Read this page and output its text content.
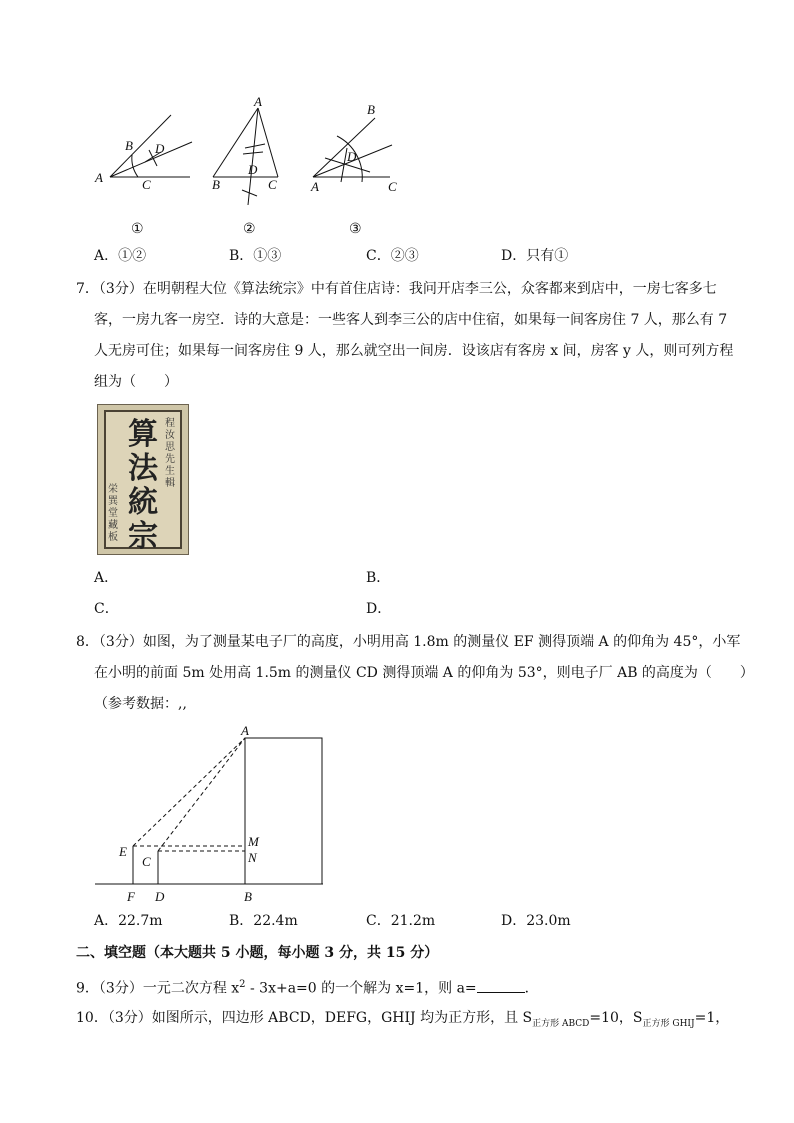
A
B D
C
A
B
D
C
B
D
A	C
①	②	③
A．①②	B．①③	C．②③	D．只有①
7．（3分）在明朝程大位《算法统宗》中有首住店诗：我问开店李三公，众客都来到店中，一房七客多七
客，一房九客一房空．诗的大意是：一些客人到李三公的店中住宿，如果每一间客房住 7 人，那么有 7
人无房可住；如果每一间客房住 9 人，那么就空出一间房．设该店有客房 x 间，房客 y 人，则可列方程
组为（　　）
算
法
統
宗
程汝思先生輯
栄巽堂藏板
A．	B．
C．	D．
8．（3分）如图，为了测量某电子厂的高度，小明用高 1.8m 的测量仪 EF 测得顶端 A 的仰角为 45°，小军
在小明的前面 5m 处用高 1.5m 的测量仪 CD 测得顶端 A 的仰角为 53°，则电子厂 AB 的高度为（　　）
（参考数据：,,
A
E
C
M
N
F D	B
A．22.7m	B．22.4m	C．21.2m	D．23.0m
二、填空题（本大题共 5 小题，每小题 3 分，共 15 分）
9．（3分）一元二次方程 $x^2 - 3x+a=0$ 的一个解为 x=1，则 a=	．
10．（3分）如图所示，四边形 ABCD，DEFG，GHIJ 均为正方形，且 $S_{正方形 ABCD}=10$，$S_{正方形 GHIJ}=1$，
